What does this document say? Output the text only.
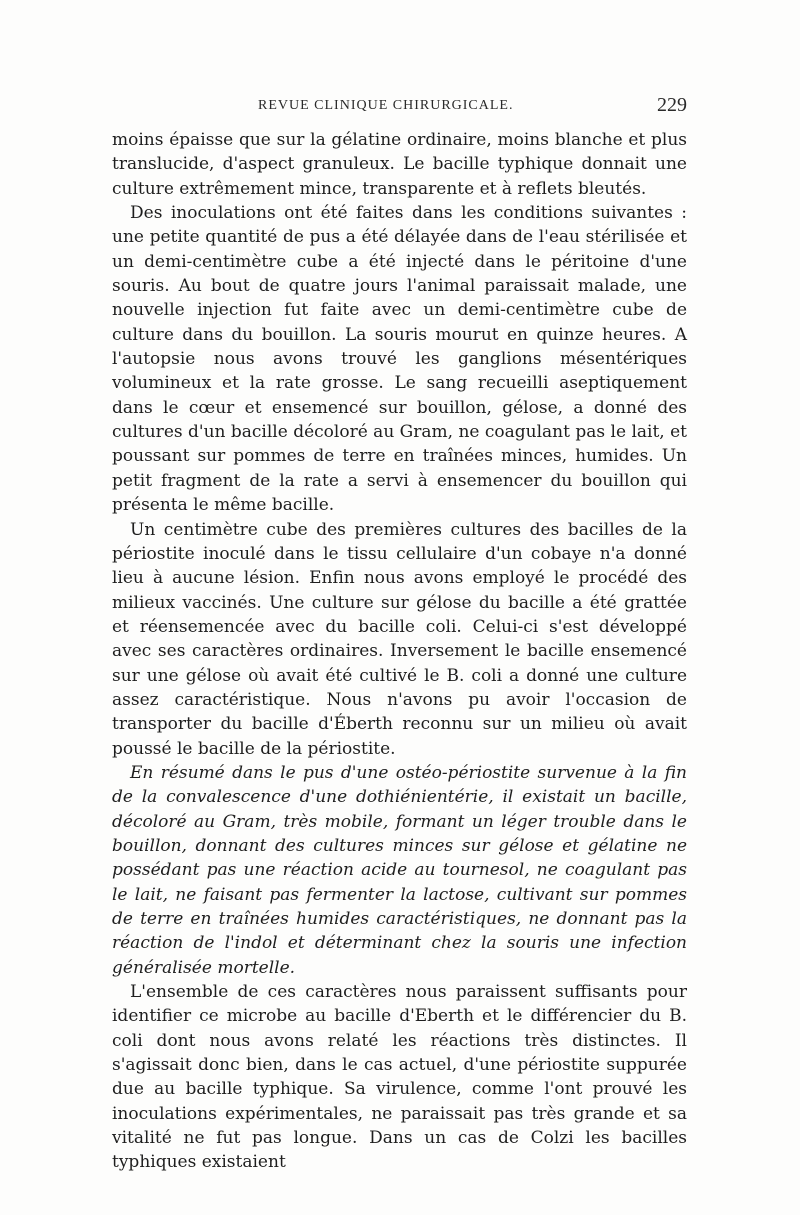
REVUE CLINIQUE CHIRURGICALE.	229

moins épaisse que sur la gélatine ordinaire, moins blanche et plus translucide, d'aspect granuleux. Le bacille typhique donnait une culture extrêmement mince, transparente et à reflets bleutés.

Des inoculations ont été faites dans les conditions suivantes : une petite quantité de pus a été délayée dans de l'eau stérilisée et un demi-centimètre cube a été injecté dans le péritoine d'une souris. Au bout de quatre jours l'animal paraissait malade, une nouvelle injection fut faite avec un demi-centimètre cube de culture dans du bouillon. La souris mourut en quinze heures. A l'autopsie nous avons trouvé les ganglions mésentériques volumineux et la rate grosse. Le sang recueilli aseptiquement dans le cœur et ensemencé sur bouillon, gélose, a donné des cultures d'un bacille décoloré au Gram, ne coagulant pas le lait, et poussant sur pommes de terre en traînées minces, humides. Un petit fragment de la rate a servi à ensemencer du bouillon qui présenta le même bacille.

Un centimètre cube des premières cultures des bacilles de la périostite inoculé dans le tissu cellulaire d'un cobaye n'a donné lieu à aucune lésion. Enfin nous avons employé le procédé des milieux vaccinés. Une culture sur gélose du bacille a été grattée et réensemencée avec du bacille coli. Celui-ci s'est développé avec ses caractères ordinaires. Inversement le bacille ensemencé sur une gélose où avait été cultivé le B. coli a donné une culture assez caractéristique. Nous n'avons pu avoir l'occasion de transporter du bacille d'Éberth reconnu sur un milieu où avait poussé le bacille de la périostite.

En résumé dans le pus d'une ostéo-périostite survenue à la fin de la convalescence d'une dothiénientérie, il existait un bacille, décoloré au Gram, très mobile, formant un léger trouble dans le bouillon, donnant des cultures minces sur gélose et gélatine ne possédant pas une réaction acide au tournesol, ne coagulant pas le lait, ne faisant pas fermenter la lactose, cultivant sur pommes de terre en traînées humides caractéristiques, ne donnant pas la réaction de l'indol et déterminant chez la souris une infection généralisée mortelle.

L'ensemble de ces caractères nous paraissent suffisants pour identifier ce microbe au bacille d'Eberth et le différencier du B. coli dont nous avons relaté les réactions très distinctes. Il s'agissait donc bien, dans le cas actuel, d'une périostite suppurée due au bacille typhique. Sa virulence, comme l'ont prouvé les inoculations expérimentales, ne paraissait pas très grande et sa vitalité ne fut pas longue. Dans un cas de Colzi les bacilles typhiques existaient
